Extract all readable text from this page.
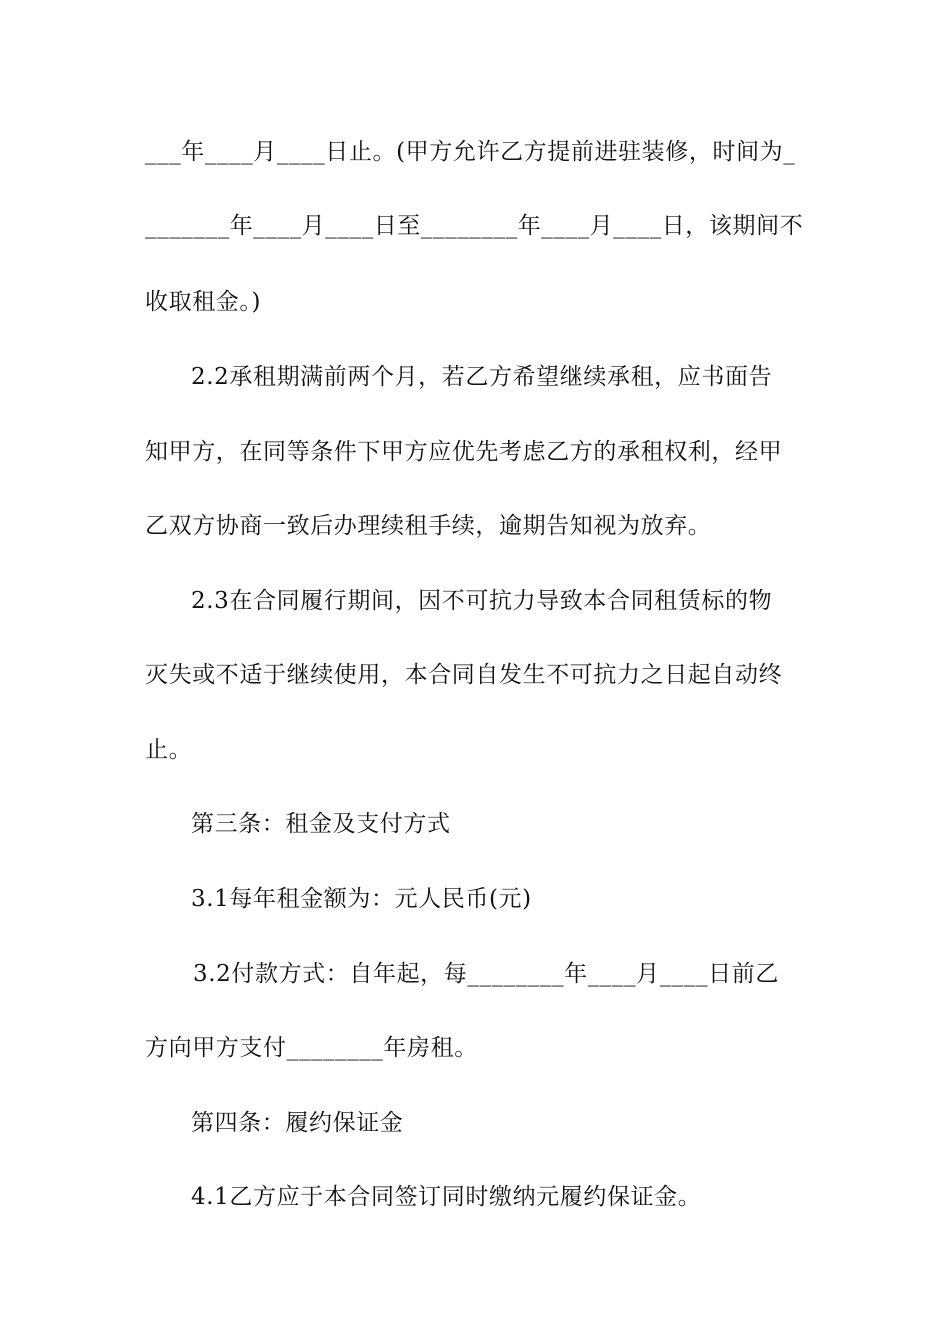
___年____月____日止。(甲方允许乙方提前进驻装修，时间为_
_______年____月____日至________年____月____日，该期间不
收取租金。)
2.2承租期满前两个月，若乙方希望继续承租，应书面告
知甲方，在同等条件下甲方应优先考虑乙方的承租权利，经甲
乙双方协商一致后办理续租手续，逾期告知视为放弃。
2.3在合同履行期间，因不可抗力导致本合同租赁标的物
灭失或不适于继续使用，本合同自发生不可抗力之日起自动终
止。
第三条：租金及支付方式
3.1每年租金额为：元人民币(元)
3.2付款方式：自年起，每________年____月____日前乙
方向甲方支付________年房租。
第四条：履约保证金
4.1乙方应于本合同签订同时缴纳元履约保证金。
